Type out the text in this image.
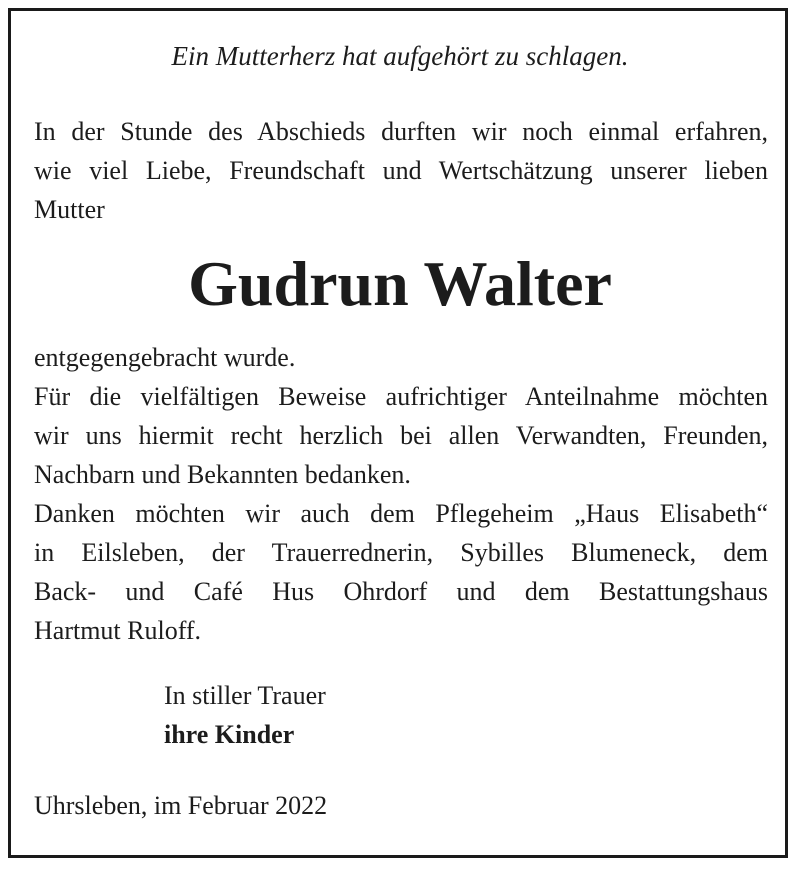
Ein Mutterherz hat aufgehört zu schlagen.
In der Stunde des Abschieds durften wir noch einmal erfahren,
wie viel Liebe, Freundschaft und Wertschätzung unserer lieben
Mutter
Gudrun Walter
entgegengebracht wurde.
Für die vielfältigen Beweise aufrichtiger Anteilnahme möchten
wir uns hiermit recht herzlich bei allen Verwandten, Freunden,
Nachbarn und Bekannten bedanken.
Danken möchten wir auch dem Pflegeheim „Haus Elisabeth“
in Eilsleben, der Trauerrednerin, Sybilles Blumeneck, dem
Back- und Café Hus Ohrdorf und dem Bestattungshaus
Hartmut Ruloff.
In stiller Trauer
ihre Kinder
Uhrsleben, im Februar 2022
